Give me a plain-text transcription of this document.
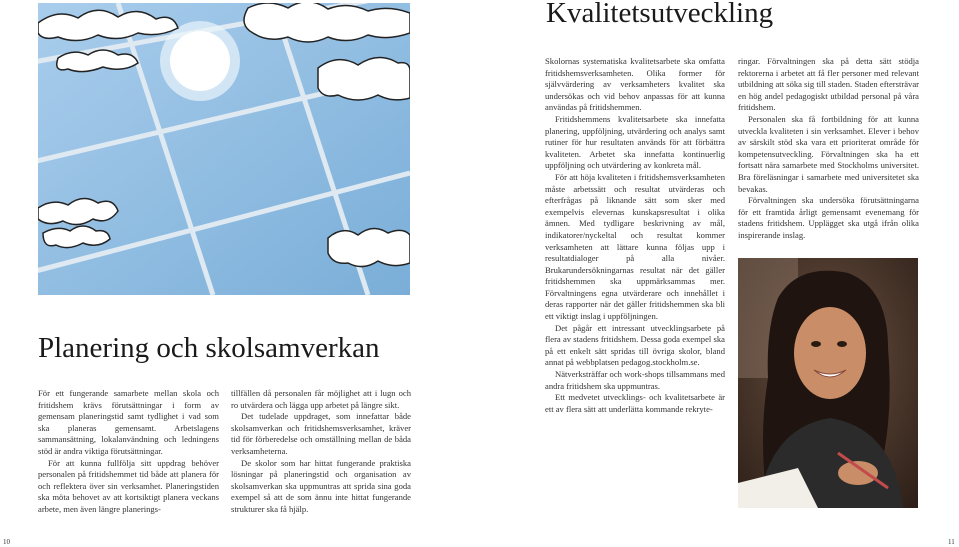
Planering och skolsamverkan

För ett fungerande samarbete mellan skola och fritidshem krävs förutsättningar i form av gemensam planeringstid samt tydlighet i vad som ska planeras gemensamt. Arbetslagens sammansättning, lokalanvändning och ledningens stöd är andra viktiga förutsättningar.

För att kunna fullfölja sitt uppdrag behöver personalen på fritidshemmet tid både att planera för och reflektera över sin verksamhet. Planeringstiden ska möta behovet av att kortsiktigt planera veckans arbete, men även längre planerings-

tillfällen då personalen får möjlighet att i lugn och ro utvärdera och lägga upp arbetet på längre sikt.

Det tudelade uppdraget, som innefattar både skolsamverkan och fritidshemsverksamhet, kräver tid för förberedelse och omställning mellan de båda verksamheterna.

De skolor som har hittat fungerande praktiska lösningar på planeringstid och organisation av skolsamverkan ska uppmuntras att sprida sina goda exempel så att de som ännu inte hittat fungerande strukturer ska få hjälp.

10
Kvalitetsutveckling

Skolornas systematiska kvalitetsarbete ska omfatta fritidshemsverksamheten. Olika former för självvärdering av verksamheters kvalitet ska undersökas och vid behov anpassas för att kunna användas på fritidshemmen.

Fritidshemmens kvalitetsarbete ska innefatta planering, uppföljning, utvärdering och analys samt rutiner för hur resultaten används för att förbättra kvaliteten. Arbetet ska innefatta kontinuerlig uppföljning och utvärdering av konkreta mål.

För att höja kvaliteten i fritidshemsverksamheten måste arbetssätt och resultat utvärderas och efterfrågas på liknande sätt som sker med exempelvis elevernas kunskapsresultat i olika ämnen. Med tydligare beskrivning av mål, indikatorer/nyckeltal och resultat kommer verksamheten att lättare kunna följas upp i resultatdialoger på alla nivåer. Brukarundersökningarnas resultat när det gäller fritidshemmen ska uppmärksammas mer. Förvaltningens egna utvärderare och innehållet i deras rapporter när det gäller fritidshemmen ska bli ett viktigt inslag i uppföljningen.

Det pågår ett intressant utvecklingsarbete på flera av stadens fritidshem. Dessa goda exempel ska på ett enkelt sätt spridas till övriga skolor, bland annat på webbplatsen pedagog.stockholm.se.

Nätverksträffar och work-shops tillsammans med andra fritidshem ska uppmuntras.

Ett medvetet utvecklings- och kvalitetsarbete är ett av flera sätt att underlätta kommande rekryte-

ringar. Förvaltningen ska på detta sätt stödja rektorerna i arbetet att få fler personer med relevant utbildning att söka sig till staden. Staden eftersträvar en hög andel pedagogiskt utbildad personal på våra fritidshem.

Personalen ska få fortbildning för att kunna utveckla kvaliteten i sin verksamhet. Elever i behov av särskilt stöd ska vara ett prioriterat område för kompetensutveckling. Förvaltningen ska ha ett fortsatt nära samarbete med Stockholms universitet. Bra föreläsningar i samarbete med universitetet ska bevakas.

Förvaltningen ska undersöka förutsättningarna för ett framtida årligt gemensamt evenemang för stadens fritidshem. Upplägget ska utgå ifrån olika inspirerande inslag.

11
